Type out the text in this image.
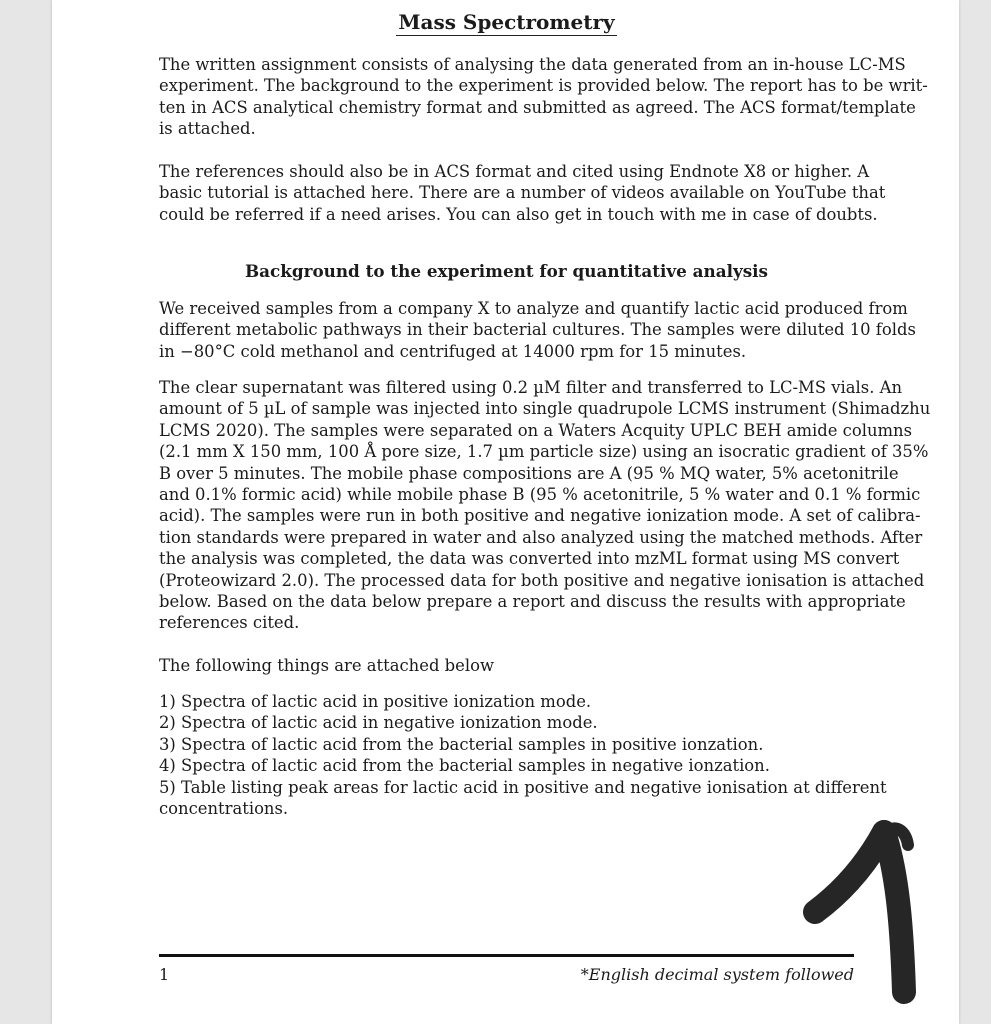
Mass Spectrometry
The written assignment consists of analysing the data generated from an in-house LC-MS
experiment. The background to the experiment is provided below. The report has to be writ-
ten in ACS analytical chemistry format and submitted as agreed. The ACS format/template
is attached.
The references should also be in ACS format and cited using Endnote X8 or higher. A
basic tutorial is attached here. There are a number of videos available on YouTube that
could be referred if a need arises. You can also get in touch with me in case of doubts.
Background to the experiment for quantitative analysis
We received samples from a company X to analyze and quantify lactic acid produced from
different metabolic pathways in their bacterial cultures. The samples were diluted 10 folds
in −80°C cold methanol and centrifuged at 14000 rpm for 15 minutes.
The clear supernatant was filtered using 0.2 µM filter and transferred to LC-MS vials. An
amount of 5 µL of sample was injected into single quadrupole LCMS instrument (Shimadzhu
LCMS 2020). The samples were separated on a Waters Acquity UPLC BEH amide columns
(2.1 mm X 150 mm, 100 Å pore size, 1.7 µm particle size) using an isocratic gradient of 35%
B over 5 minutes. The mobile phase compositions are A (95 % MQ water, 5% acetonitrile
and 0.1% formic acid) while mobile phase B (95 % acetonitrile, 5 % water and 0.1 % formic
acid). The samples were run in both positive and negative ionization mode. A set of calibra-
tion standards were prepared in water and also analyzed using the matched methods. After
the analysis was completed, the data was converted into mzML format using MS convert
(Proteowizard 2.0). The processed data for both positive and negative ionisation is attached
below. Based on the data below prepare a report and discuss the results with appropriate
references cited.
The following things are attached below
1) Spectra of lactic acid in positive ionization mode.
2) Spectra of lactic acid in negative ionization mode.
3) Spectra of lactic acid from the bacterial samples in positive ionzation.
4) Spectra of lactic acid from the bacterial samples in negative ionzation.
5) Table listing peak areas for lactic acid in positive and negative ionisation at different
concentrations.
1	*English decimal system followed
